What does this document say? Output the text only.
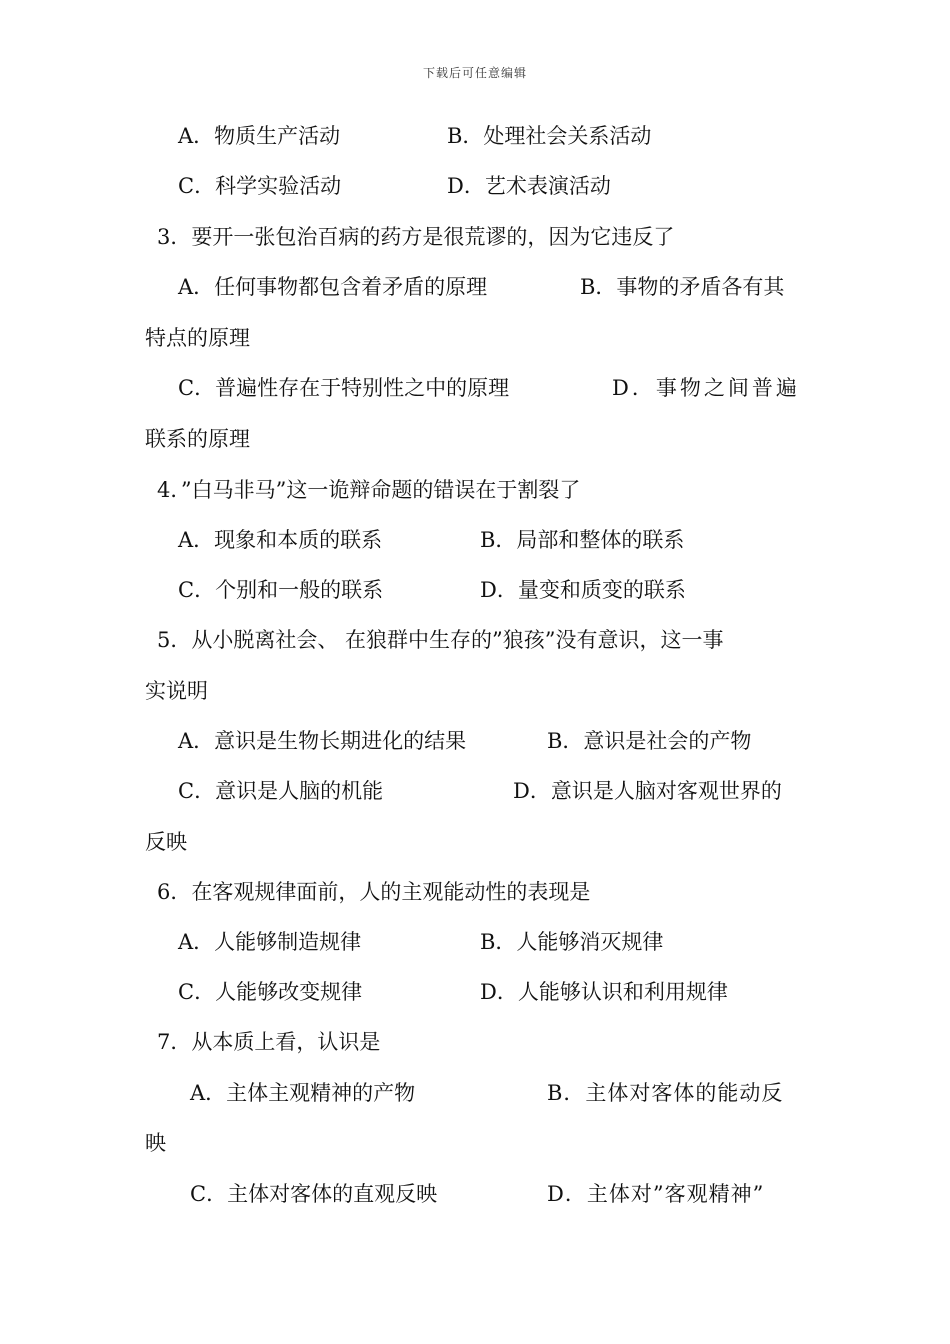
下载后可任意编辑
A．物质生产活动	B．处理社会关系活动
C．科学实验活动	D．艺术表演活动
3．要开一张包治百病的药方是很荒谬的，因为它违反了
A．任何事物都包含着矛盾的原理	B．事物的矛盾各有其
特点的原理
C．普遍性存在于特别性之中的原理	D．事物之间普遍
联系的原理
4．”白马非马”这一诡辩命题的错误在于割裂了
A．现象和本质的联系	B．局部和整体的联系
C．个别和一般的联系	D．量变和质变的联系
5．从小脱离社会、 在狼群中生存的”狼孩”没有意识，这一事
实说明
A．意识是生物长期进化的结果	B．意识是社会的产物
C．意识是人脑的机能	D．意识是人脑对客观世界的
反映
6．在客观规律面前，人的主观能动性的表现是
A．人能够制造规律	B．人能够消灭规律
C．人能够改变规律	D．人能够认识和利用规律
7．从本质上看，认识是
A．主体主观精神的产物	B．主体对客体的能动反
映
C．主体对客体的直观反映	D．主体对”客观精神”
